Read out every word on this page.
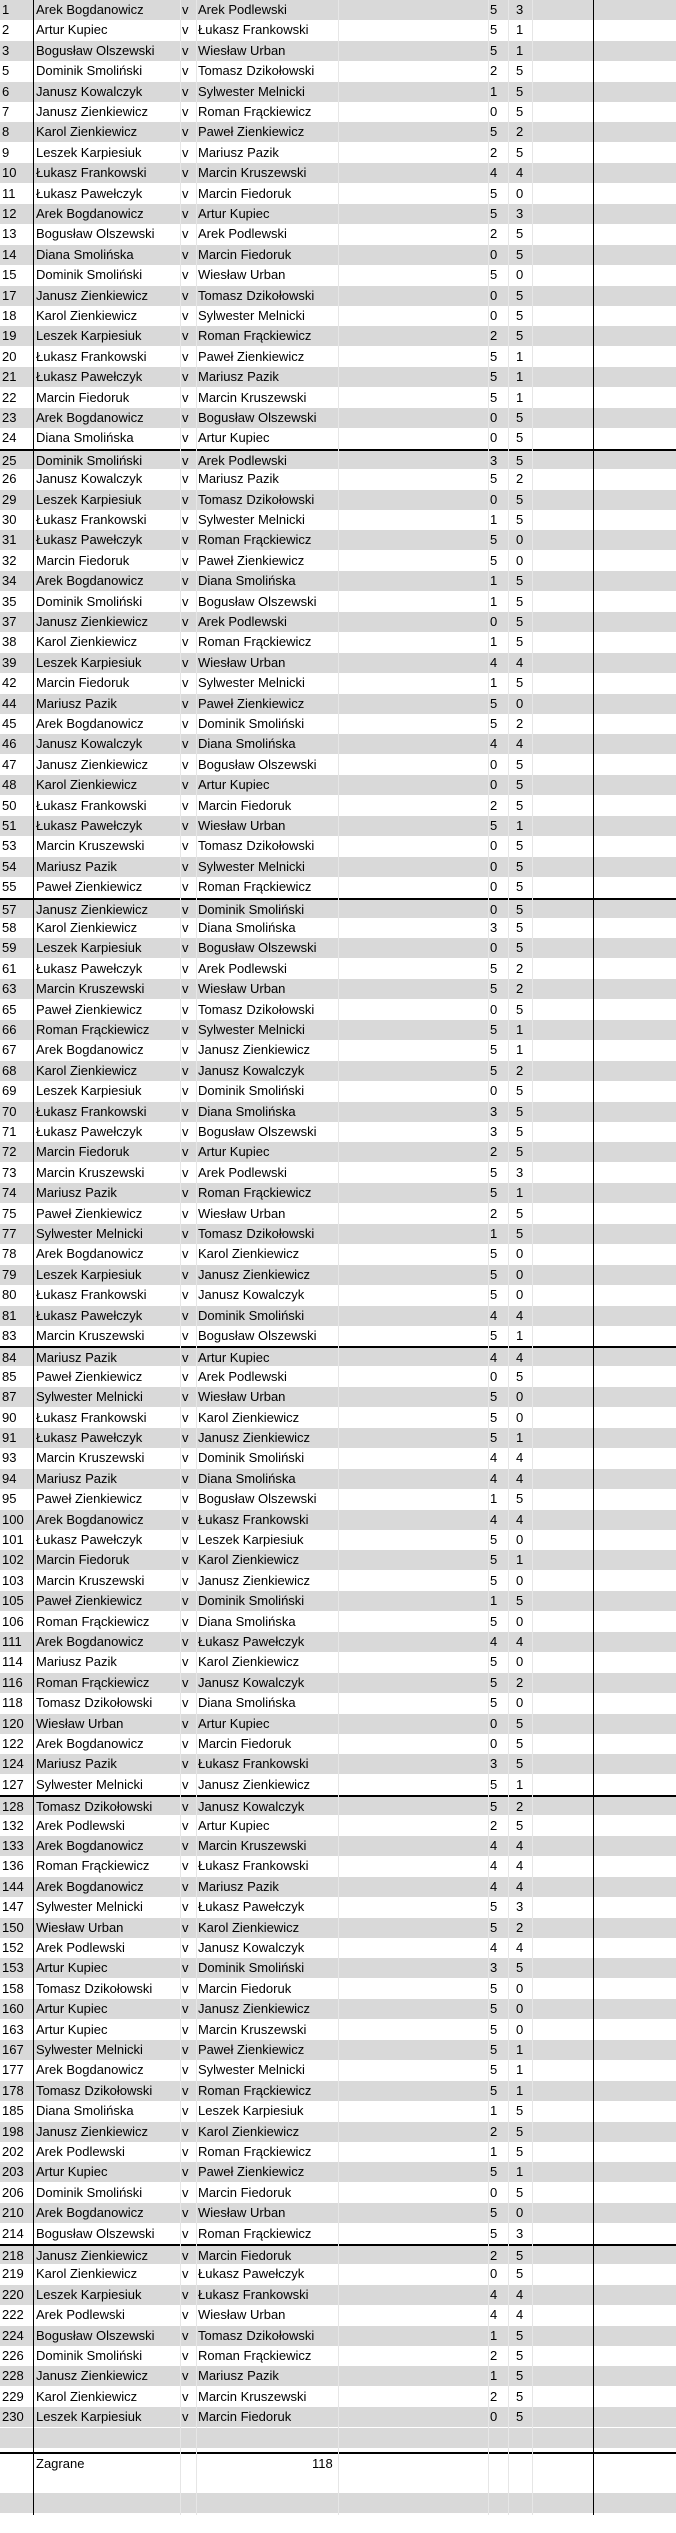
1	Arek Bogdanowicz	v Arek Podlewski	5	3
2	Artur Kupiec	v Łukasz Frankowski	5	1
3	Bogusław Olszewski	v Wiesław Urban	5	1
5	Dominik Smoliński	v Tomasz Dzikołowski	2	5
6	Janusz Kowalczyk	v Sylwester Melnicki	1	5
7	Janusz Zienkiewicz	v Roman Frąckiewicz	0	5
8	Karol Zienkiewicz	v Paweł Zienkiewicz	5	2
9	Leszek Karpiesiuk	v Mariusz Pazik	2	5
10	Łukasz Frankowski	v Marcin Kruszewski	4	4
11	Łukasz Pawełczyk	v Marcin Fiedoruk	5	0
12	Arek Bogdanowicz	v Artur Kupiec	5	3
13	Bogusław Olszewski	v Arek Podlewski	2	5
14	Diana Smolińska	v Marcin Fiedoruk	0	5
15	Dominik Smoliński	v Wiesław Urban	5	0
17	Janusz Zienkiewicz	v Tomasz Dzikołowski	0	5
18	Karol Zienkiewicz	v Sylwester Melnicki	0	5
19	Leszek Karpiesiuk	v Roman Frąckiewicz	2	5
20	Łukasz Frankowski	v Paweł Zienkiewicz	5	1
21	Łukasz Pawełczyk	v Mariusz Pazik	5	1
22	Marcin Fiedoruk	v Marcin Kruszewski	5	1
23	Arek Bogdanowicz	v Bogusław Olszewski	0	5
24	Diana Smolińska	v Artur Kupiec	0	5
25	Dominik Smoliński	v Arek Podlewski	3	5
26	Janusz Kowalczyk	v Mariusz Pazik	5	2
29	Leszek Karpiesiuk	v Tomasz Dzikołowski	0	5
30	Łukasz Frankowski	v Sylwester Melnicki	1	5
31	Łukasz Pawełczyk	v Roman Frąckiewicz	5	0
32	Marcin Fiedoruk	v Paweł Zienkiewicz	5	0
34	Arek Bogdanowicz	v Diana Smolińska	1	5
35	Dominik Smoliński	v Bogusław Olszewski	1	5
37	Janusz Zienkiewicz	v Arek Podlewski	0	5
38	Karol Zienkiewicz	v Roman Frąckiewicz	1	5
39	Leszek Karpiesiuk	v Wiesław Urban	4	4
42	Marcin Fiedoruk	v Sylwester Melnicki	1	5
44	Mariusz Pazik	v Paweł Zienkiewicz	5	0
45	Arek Bogdanowicz	v Dominik Smoliński	5	2
46	Janusz Kowalczyk	v Diana Smolińska	4	4
47	Janusz Zienkiewicz	v Bogusław Olszewski	0	5
48	Karol Zienkiewicz	v Artur Kupiec	0	5
50	Łukasz Frankowski	v Marcin Fiedoruk	2	5
51	Łukasz Pawełczyk	v Wiesław Urban	5	1
53	Marcin Kruszewski	v Tomasz Dzikołowski	0	5
54	Mariusz Pazik	v Sylwester Melnicki	0	5
55	Paweł Zienkiewicz	v Roman Frąckiewicz	0	5
57	Janusz Zienkiewicz	v Dominik Smoliński	0	5
58	Karol Zienkiewicz	v Diana Smolińska	3	5
59	Leszek Karpiesiuk	v Bogusław Olszewski	0	5
61	Łukasz Pawełczyk	v Arek Podlewski	5	2
63	Marcin Kruszewski	v Wiesław Urban	5	2
65	Paweł Zienkiewicz	v Tomasz Dzikołowski	0	5
66	Roman Frąckiewicz	v Sylwester Melnicki	5	1
67	Arek Bogdanowicz	v Janusz Zienkiewicz	5	1
68	Karol Zienkiewicz	v Janusz Kowalczyk	5	2
69	Leszek Karpiesiuk	v Dominik Smoliński	0	5
70	Łukasz Frankowski	v Diana Smolińska	3	5
71	Łukasz Pawełczyk	v Bogusław Olszewski	3	5
72	Marcin Fiedoruk	v Artur Kupiec	2	5
73	Marcin Kruszewski	v Arek Podlewski	5	3
74	Mariusz Pazik	v Roman Frąckiewicz	5	1
75	Paweł Zienkiewicz	v Wiesław Urban	2	5
77	Sylwester Melnicki	v Tomasz Dzikołowski	1	5
78	Arek Bogdanowicz	v Karol Zienkiewicz	5	0
79	Leszek Karpiesiuk	v Janusz Zienkiewicz	5	0
80	Łukasz Frankowski	v Janusz Kowalczyk	5	0
81	Łukasz Pawełczyk	v Dominik Smoliński	4	4
83	Marcin Kruszewski	v Bogusław Olszewski	5	1
84	Mariusz Pazik	v Artur Kupiec	4	4
85	Paweł Zienkiewicz	v Arek Podlewski	0	5
87	Sylwester Melnicki	v Wiesław Urban	5	0
90	Łukasz Frankowski	v Karol Zienkiewicz	5	0
91	Łukasz Pawełczyk	v Janusz Zienkiewicz	5	1
93	Marcin Kruszewski	v Dominik Smoliński	4	4
94	Mariusz Pazik	v Diana Smolińska	4	4
95	Paweł Zienkiewicz	v Bogusław Olszewski	1	5
100 Arek Bogdanowicz	v Łukasz Frankowski	4	4
101 Łukasz Pawełczyk	v Leszek Karpiesiuk	5	0
102 Marcin Fiedoruk	v Karol Zienkiewicz	5	1
103 Marcin Kruszewski	v Janusz Zienkiewicz	5	0
105 Paweł Zienkiewicz	v Dominik Smoliński	1	5
106 Roman Frąckiewicz	v Diana Smolińska	5	0
111	Arek Bogdanowicz	v Łukasz Pawełczyk	4	4
114	Mariusz Pazik	v Karol Zienkiewicz	5	0
116	Roman Frąckiewicz	v Janusz Kowalczyk	5	2
118	Tomasz Dzikołowski	v Diana Smolińska	5	0
120 Wiesław Urban	v Artur Kupiec	0	5
122 Arek Bogdanowicz	v Marcin Fiedoruk	0	5
124 Mariusz Pazik	v Łukasz Frankowski	3	5
127 Sylwester Melnicki	v Janusz Zienkiewicz	5	1
128 Tomasz Dzikołowski	v Janusz Kowalczyk	5	2
132 Arek Podlewski	v Artur Kupiec	2	5
133 Arek Bogdanowicz	v Marcin Kruszewski	4	4
136 Roman Frąckiewicz	v Łukasz Frankowski	4	4
144 Arek Bogdanowicz	v Mariusz Pazik	4	4
147 Sylwester Melnicki	v Łukasz Pawełczyk	5	3
150 Wiesław Urban	v Karol Zienkiewicz	5	2
152 Arek Podlewski	v Janusz Kowalczyk	4	4
153 Artur Kupiec	v Dominik Smoliński	3	5
158 Tomasz Dzikołowski	v Marcin Fiedoruk	5	0
160 Artur Kupiec	v Janusz Zienkiewicz	5	0
163 Artur Kupiec	v Marcin Kruszewski	5	0
167 Sylwester Melnicki	v Paweł Zienkiewicz	5	1
177 Arek Bogdanowicz	v Sylwester Melnicki	5	1
178 Tomasz Dzikołowski	v Roman Frąckiewicz	5	1
185 Diana Smolińska	v Leszek Karpiesiuk	1	5
198 Janusz Zienkiewicz	v Karol Zienkiewicz	2	5
202 Arek Podlewski	v Roman Frąckiewicz	1	5
203 Artur Kupiec	v Paweł Zienkiewicz	5	1
206 Dominik Smoliński	v Marcin Fiedoruk	0	5
210 Arek Bogdanowicz	v Wiesław Urban	5	0
214 Bogusław Olszewski	v Roman Frąckiewicz	5	3
218 Janusz Zienkiewicz	v Marcin Fiedoruk	2	5
219 Karol Zienkiewicz	v Łukasz Pawełczyk	0	5
220 Leszek Karpiesiuk	v Łukasz Frankowski	4	4
222 Arek Podlewski	v Wiesław Urban	4	4
224 Bogusław Olszewski	v Tomasz Dzikołowski	1	5
226 Dominik Smoliński	v Roman Frąckiewicz	2	5
228 Janusz Zienkiewicz	v Mariusz Pazik	1	5
229 Karol Zienkiewicz	v Marcin Kruszewski	2	5
230 Leszek Karpiesiuk	v Marcin Fiedoruk	0	5
Zagrane	118
